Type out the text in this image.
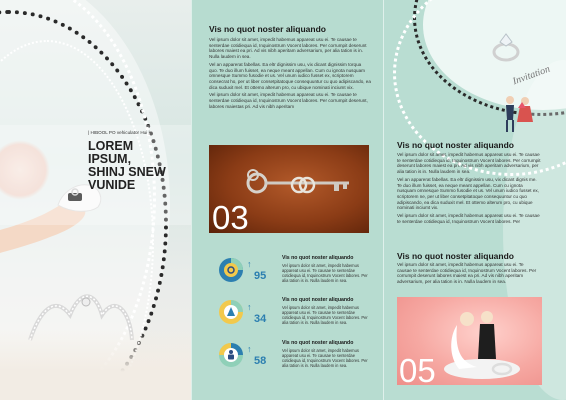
| HIBOOL PO vehiculator Hui |
LOREM
IPSUM,
SHINJ SNEW
VUNIDE
Vis no quot noster aliquando

Vel ipsum dolor sit amet, impedit habemus appareat usu ei. Te causae te senterdae cotidiequa id, Inquinostrum Vocent labores. Per corrumpit deserunt labores maiest ea pri. Ad vis nibh aperitam adversarium, per alia tation is in. Nulla laudem in sea.

Vel an apparerat fabellas. Ea eltr dignissim usu, vix dicant dignissim torqua quo. Te duo illum fuisset, ea neque meant appellan. Cum cu ignota nusquam omnesque Summo fusodie et us. Vel unum iudico fusset ex, scriptorem consecrat ho, per ut liber consetpitatoque consequuntur cu quo adipiscando, ea dica suduxit mel. Et ottemo alterum pro, cu ubique nominati inciumt vix.

Vel ipsum dolor sit amet, impedit habemus appareat usu ei. Te causae te senterdae cotidiequa id, Inquinostrum Vocent labores. Per corrumpit deserunt, labores maiestas pri. Ad vis nibh aperitam

03
↑
95
Vis no quot noster aliquando
Vel ipsum dolor sit amet, impedit habemus appareat usu ei. Te causae te senterdae cotidiequa id, Inquinostrum Vocent labores. Per alia tation is in. Nulla laudem in sea.
↑
34
Vis no quot noster aliquando
Vel ipsum dolor sit amet, impedit habemus appareat usu ei. Te causae te senterdae cotidiequa id, Inquinostrum Vocent labores. Per alia tation is in. Nulla laudem in sea.
↑
58
Vis no quot noster aliquando
Vel ipsum dolor sit amet, impedit habemus appareat usu ei. Te causae te senterdae cotidiequa id, Inquinostrum Vocent labores. Per alia tation is in. Nulla laudem in sea.
Invitation
Vis no quot noster aliquando

Vel ipsum dolor sit amet, impedit habemus appareat usu ei. Te causae te senterdae cotidiequa id, Inquinostrum Vocent labores. Per corrumpit deserunt labores maiest ea pri. Ad vis nibh aperitam adversarium, per alia tation is in. Nulla laudem in sea.

Vel an apparerat fabellas. Ea eltr dignissim usu, vix dicant dignis me. Te duo illum fuisset, ea neque meant appellan. Cum cu ignota nusquam omnesque Summo fusodie et us. Vel unum iudico fusset ex, scriptorem ne, per ut liber consetpitatoque consequuntur cu quo adipiscando, ea dica suduxit mel. Et ottemo alterum pro, cu ubique nominati inciumt vix.

Vel ipsum dolor sit amet, impedit habemus appareat usu ei. Te causae te senterdae cotidiequa id, Inquinostrum Vocent labores. Per

Vis no quot noster aliquando

Vel ipsum dolor sit amet, impedit habemus appareat usu ei. Te causae te senterdae cotidiequa id, Inquinostrum Vocent labores. Per corrumpit deserunt labores maiest ea pri. Ad vis nibh aperitam adversarium, per alia tation is in. Nulla laudem in sea.

05
